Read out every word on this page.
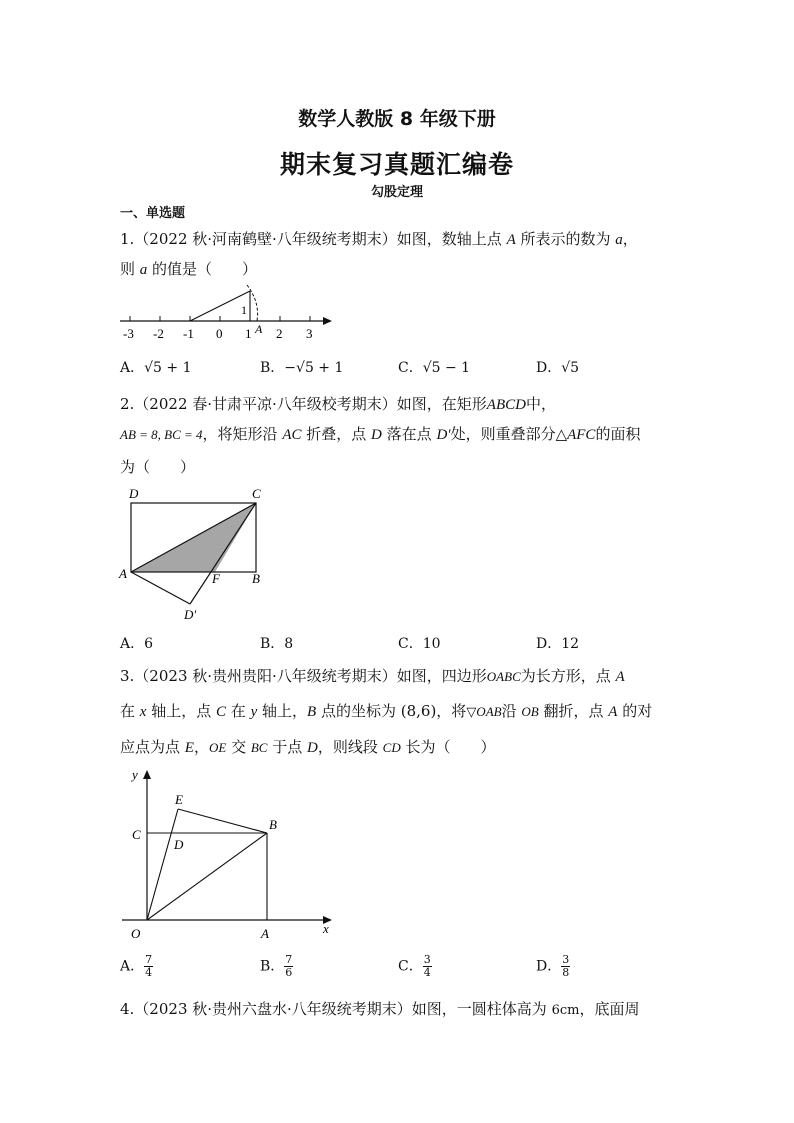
数学人教版 8 年级下册
期末复习真题汇编卷
勾股定理
一、单选题
1.（2022 秋·河南鹤壁·八年级统考期末）如图，数轴上点 A 所表示的数为 a，
则 a 的值是（　　）
1
A
-3 -2 -1 0 1 2 3
A．√5 + 1	B．−√5 + 1	C．√5 − 1	D．√5
2.（2022 春·甘肃平凉·八年级校考期末）如图，在矩形ABCD中，
AB = 8, BC = 4，将矩形沿 AC 折叠，点 D 落在点 D′处，则重叠部分△AFC的面积
为（　　）
D	C
A	F B
D′
A．6	B．8	C．10	D．12
3.（2023 秋·贵州贵阳·八年级统考期末）如图，四边形OABC为长方形，点 A
在 x 轴上，点 C 在 y 轴上，B 点的坐标为 (8,6)，将▽OAB沿 OB 翻折，点 A 的对
应点为点 E，OE 交 BC 于点 D，则线段 CD 长为（　　）
y
x
O	A
B
C
D
E
A． $\frac{7}{4}$	B． $\frac{7}{6}$	C． $\frac{3}{4}$	D． $\frac{3}{8}$
4.（2023 秋·贵州六盘水·八年级统考期末）如图，一圆柱体高为 6cm，底面周
